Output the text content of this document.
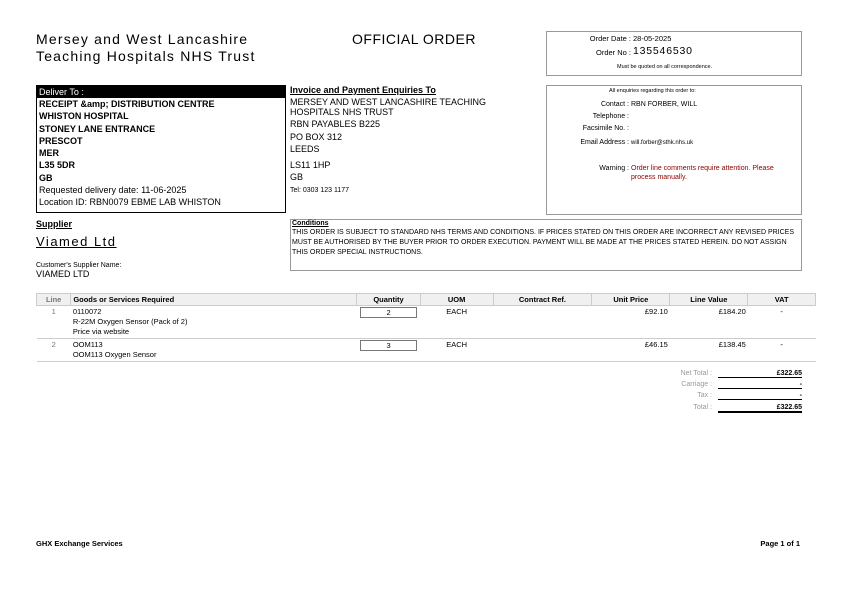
Mersey and West Lancashire
Teaching Hospitals NHS Trust
OFFICIAL ORDER	Order Date : 28-05-2025
Order No : 135546530
Must be quoted on all correspondence.
Deliver To :
RECEIPT &amp; DISTRIBUTION CENTRE
WHISTON HOSPITAL
STONEY LANE ENTRANCE
PRESCOT
MER
L35 5DR
GB
Requested delivery date: 11-06-2025
Location ID: RBN0079 EBME LAB WHISTON
Invoice and Payment Enquiries To
MERSEY AND WEST LANCASHIRE TEACHING
HOSPITALS NHS TRUST
RBN PAYABLES B225
PO BOX 312
LEEDS
LS11 1HP
GB
Tel: 0303 123 1177
All enquiries regarding this order to:
Contact : RBN FORBER, WILL
Telephone :
Facsimile No. :
Email Address : will.forber@sthk.nhs.uk
Warning : Order line comments require attention. Please
process manually.
Supplier
Viamed Ltd
Customer's Supplier Name:
VIAMED LTD
Conditions
THIS ORDER IS SUBJECT TO STANDARD NHS TERMS AND CONDITIONS. IF PRICES STATED ON THIS ORDER ARE INCORRECT ANY REVISED PRICES MUST BE AUTHORISED BY THE BUYER PRIOR TO ORDER EXECUTION. PAYMENT WILL BE MADE AT THE PRICES STATED HEREIN. DO NOT ASSIGN THIS ORDER SPECIAL INSTRUCTIONS.
Line	Goods or Services Required	Quantity	UOM	Contract Ref.	Unit Price	Line Value	VAT
1	0110072
R-22M Oxygen Sensor (Pack of 2)
Price via website	2	EACH		£92.10	£184.20	-
2	OOM113
OOM113 Oxygen Sensor	3	EACH		£46.15	£138.45	-
Net Total :	£322.65
Carriage :	-
Tax :	-
Total :	£322.65
GHX Exchange Services	Page 1 of 1
